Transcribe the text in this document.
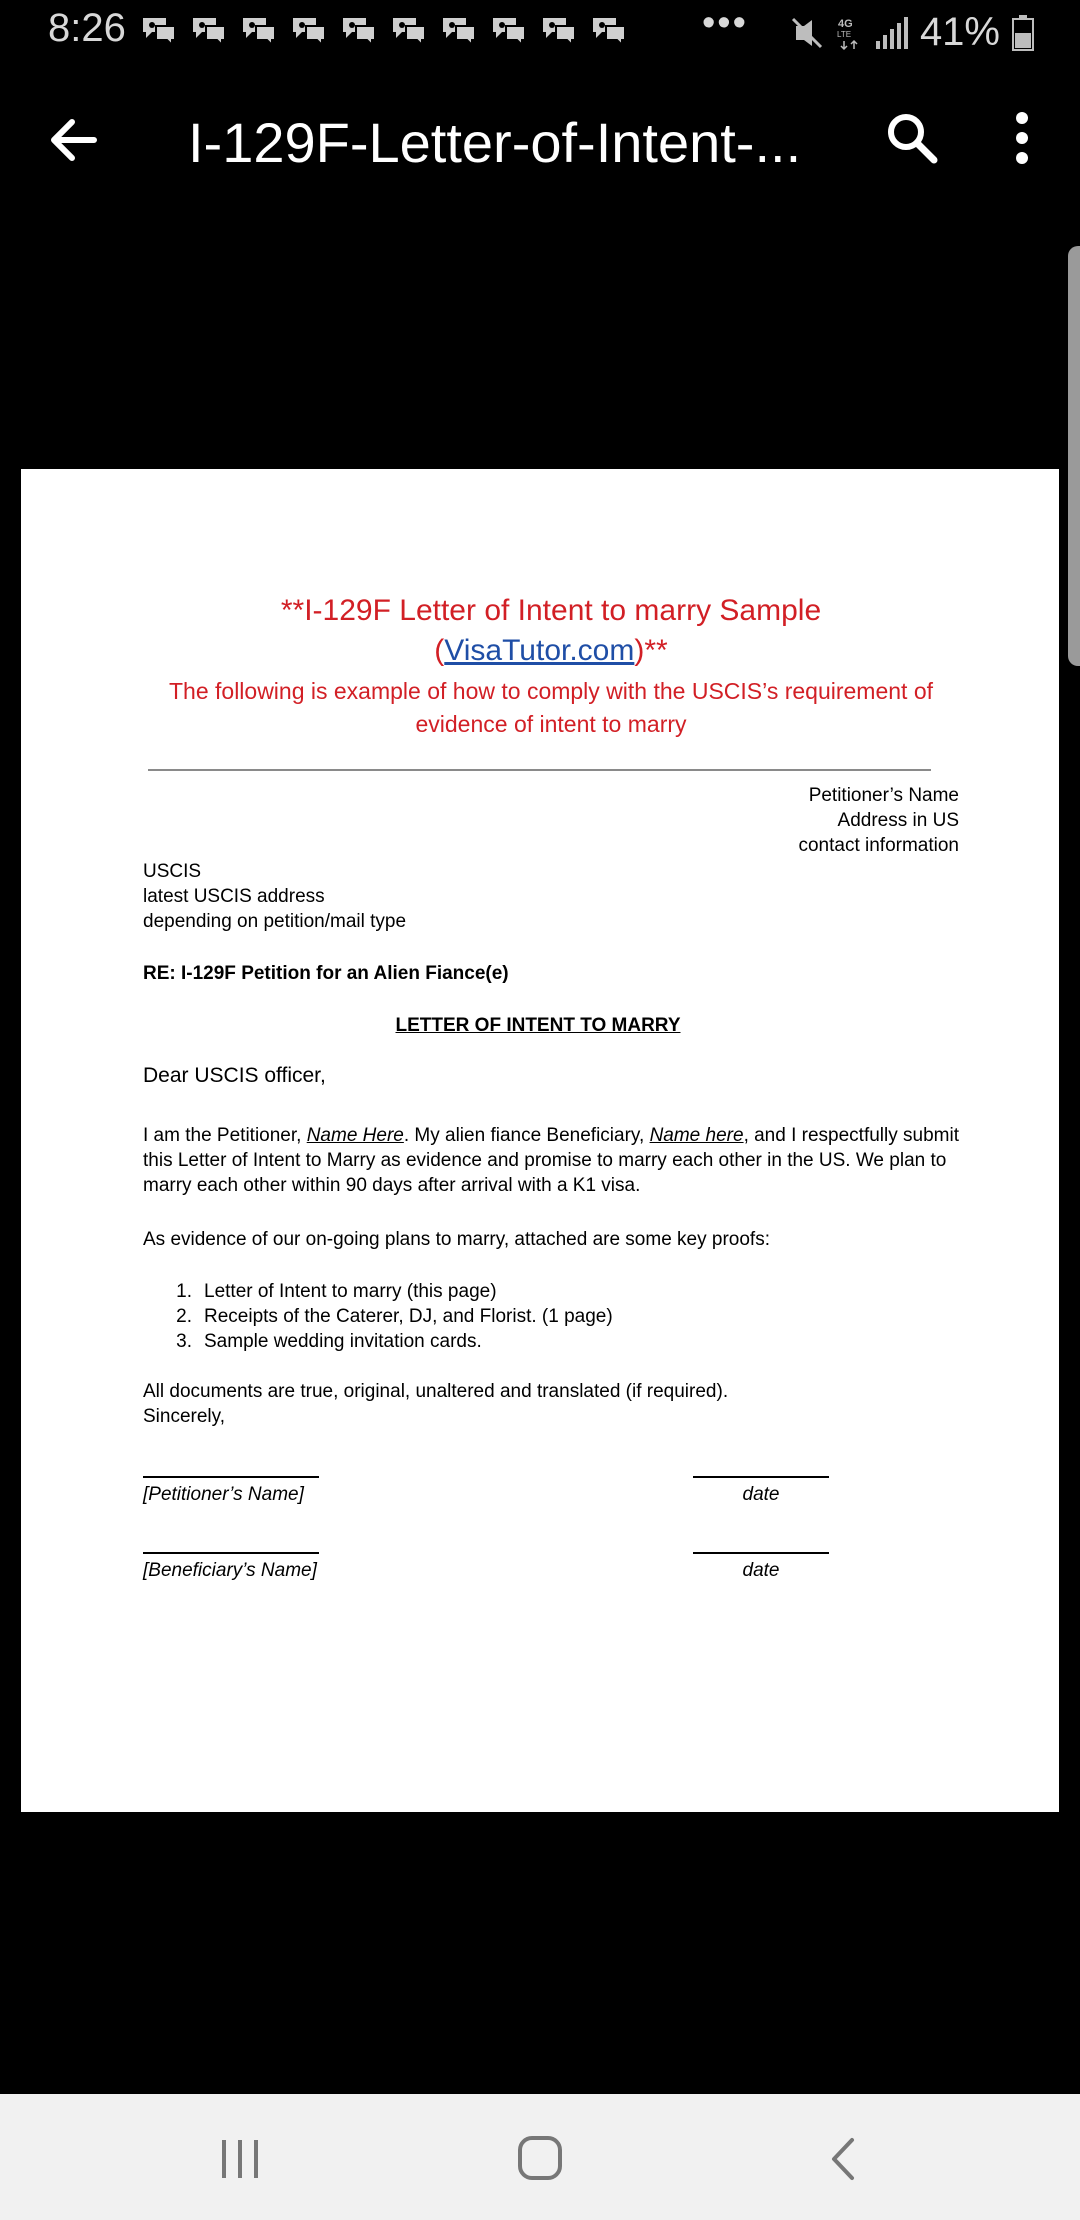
8:26	•••	4G
LTE 41%
I-129F-Letter-of-Intent-...
**I-129F Letter of Intent to marry Sample
(VisaTutor.com)**
The following is example of how to comply with the USCIS’s requirement of evidence of intent to marry
Petitioner’s Name
Address in US
contact information
USCIS
latest USCIS address
depending on petition/mail type
RE: I-129F Petition for an Alien Fiance(e)
LETTER OF INTENT TO MARRY
Dear USCIS officer,
I am the Petitioner, Name Here. My alien fiance Beneficiary, Name here, and I respectfully submit this Letter of Intent to Marry as evidence and promise to marry each other in the US. We plan to marry each other within 90 days after arrival with a K1 visa.
As evidence of our on-going plans to marry, attached are some key proofs:
1. Letter of Intent to marry (this page)
2. Receipts of the Caterer, DJ, and Florist. (1 page)
3. Sample wedding invitation cards.
All documents are true, original, unaltered and translated (if required).
Sincerely,
[Petitioner’s Name]	date
[Beneficiary’s Name]	date
